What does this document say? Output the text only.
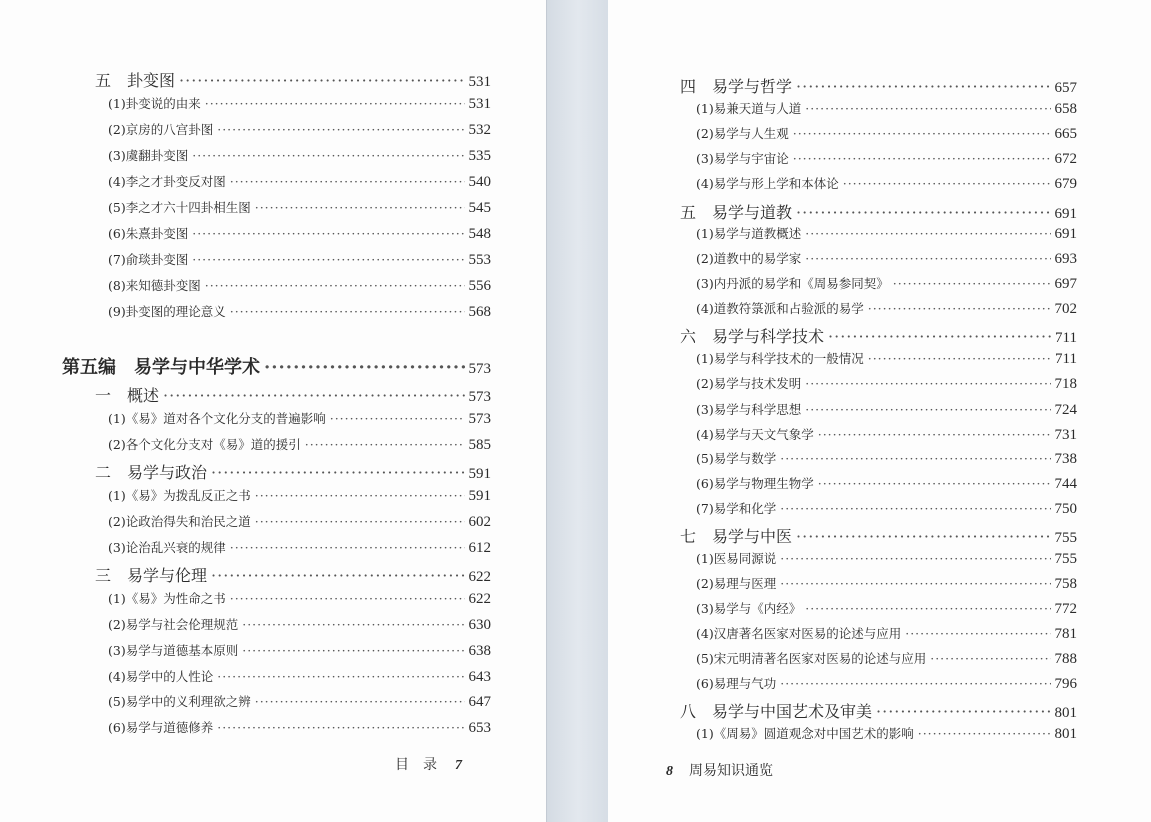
五　卦变图 ·····	531
(1)卦变说的由来 ·····	531
(2)京房的八宫卦图 ·····	532
(3)虞翻卦变图 ·····	535
(4)李之才卦变反对图 ·····	540
(5)李之才六十四卦相生图 ·····	545
(6)朱熹卦变图 ·····	548
(7)俞琰卦变图 ·····	553
(8)来知德卦变图 ·····	556
(9)卦变图的理论意义 ·····	568
第五编　易学与中华学术 ·····	573
一　概述 ·····	573
(1)《易》道对各个文化分支的普遍影响 ·····	573
(2)各个文化分支对《易》道的援引 ·····	585
二　易学与政治 ·····	591
(1)《易》为拨乱反正之书 ·····	591
(2)论政治得失和治民之道 ·····	602
(3)论治乱兴衰的规律 ·····	612
三　易学与伦理 ·····	622
(1)《易》为性命之书 ·····	622
(2)易学与社会伦理规范 ·····	630
(3)易学与道德基本原则 ·····	638
(4)易学中的人性论 ·····	643
(5)易学中的义利理欲之辨 ·····	647
(6)易学与道德修养 ·····	653
目　录 7
四　易学与哲学 ·····	657
(1)易兼天道与人道 ·····	658
(2)易学与人生观 ·····	665
(3)易学与宇宙论 ·····	672
(4)易学与形上学和本体论 ·····	679
五　易学与道教 ·····	691
(1)易学与道教概述 ·····	691
(2)道教中的易学家 ·····	693
(3)内丹派的易学和《周易参同契》 ·····	697
(4)道教符箓派和占验派的易学 ·····	702
六　易学与科学技术 ·····	711
(1)易学与科学技术的一般情况 ·····	711
(2)易学与技术发明 ·····	718
(3)易学与科学思想 ·····	724
(4)易学与天文气象学 ·····	731
(5)易学与数学 ·····	738
(6)易学与物理生物学 ·····	744
(7)易学和化学 ·····	750
七　易学与中医 ·····	755
(1)医易同源说 ·····	755
(2)易理与医理 ·····	758
(3)易学与《内经》 ·····	772
(4)汉唐著名医家对医易的论述与应用 ·····	781
(5)宋元明清著名医家对医易的论述与应用 ·····	788
(6)易理与气功 ·····	796
八　易学与中国艺术及审美 ·····	801
(1)《周易》圆道观念对中国艺术的影响 ·····	801
8 周易知识通览
